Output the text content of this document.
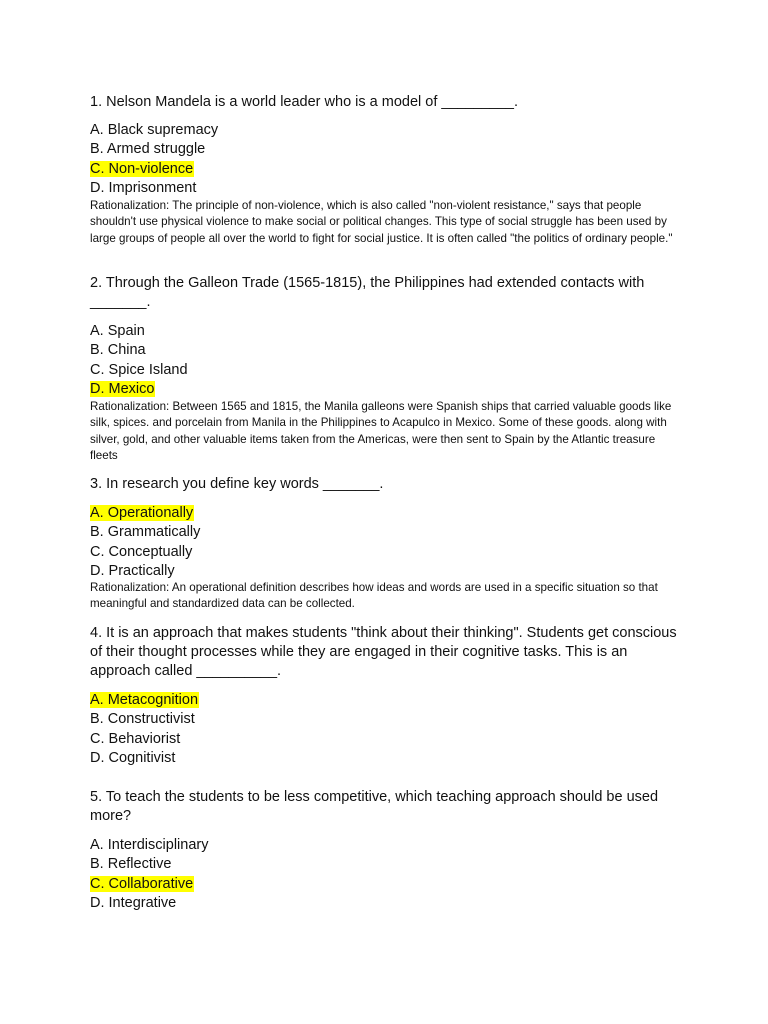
1. Nelson Mandela is a world leader who is a model of _________.

A. Black supremacy
B. Armed struggle
C. Non-violence
D. Imprisonment

Rationalization: The principle of non-violence, which is also called "non-violent resistance," says that people shouldn't use physical violence to make social or political changes. This type of social struggle has been used by large groups of people all over the world to fight for social justice. It is often called "the politics of ordinary people."

2. Through the Galleon Trade (1565-1815), the Philippines had extended contacts with _______.

A. Spain
B. China
C. Spice Island
D. Mexico

Rationalization: Between 1565 and 1815, the Manila galleons were Spanish ships that carried valuable goods like silk, spices. and porcelain from Manila in the Philippines to Acapulco in Mexico. Some of these goods. along with silver, gold, and other valuable items taken from the Americas, were then sent to Spain by the Atlantic treasure fleets

3. In research you define key words _______.

A. Operationally
B. Grammatically
C. Conceptually
D. Practically

Rationalization: An operational definition describes how ideas and words are used in a specific situation so that meaningful and standardized data can be collected.

4. It is an approach that makes students "think about their thinking". Students get conscious of their thought processes while they are engaged in their cognitive tasks. This is an approach called __________.

A. Metacognition
B. Constructivist
C. Behaviorist
D. Cognitivist

5. To teach the students to be less competitive, which teaching approach should be used more?

A. Interdisciplinary
B. Reflective
C. Collaborative
D. Integrative
